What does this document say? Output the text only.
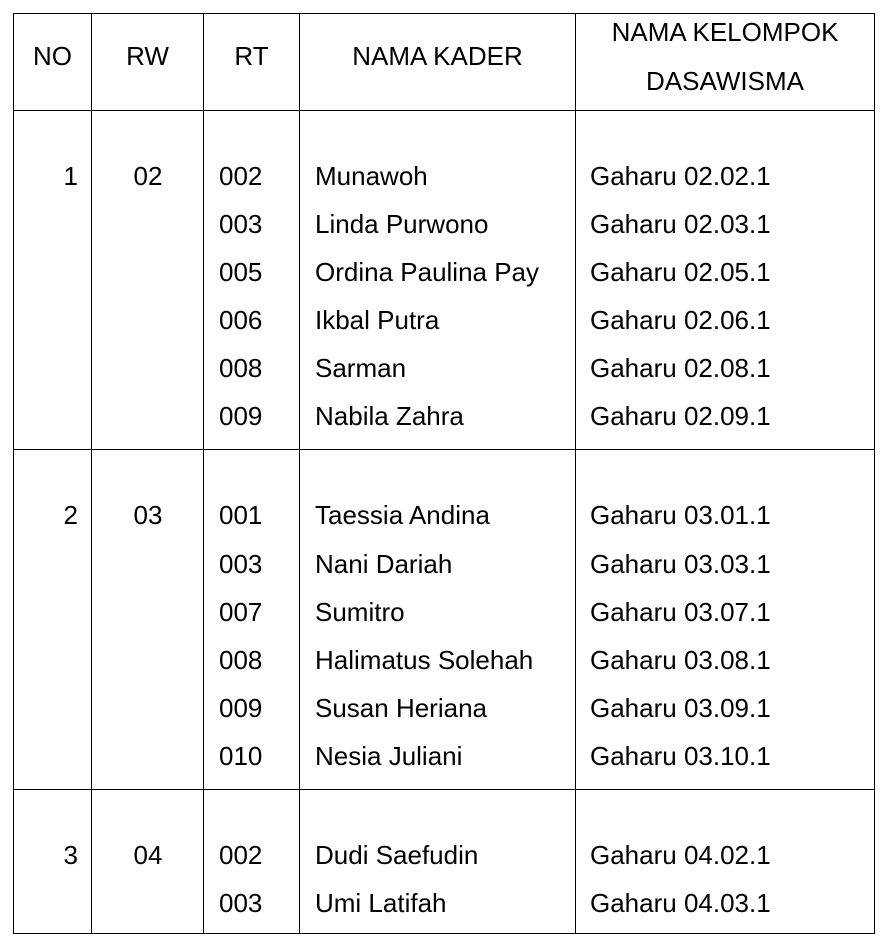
NO	RW	RT	NAMA KADER
NAMA KELOMPOK
DASAWISMA
1	02	002 Munawoh	Gaharu 02.02.1
003 Linda Purwono	Gaharu 02.03.1
005 Ordina Paulina Pay Gaharu 02.05.1
006 Ikbal Putra	Gaharu 02.06.1
008 Sarman	Gaharu 02.08.1
009 Nabila Zahra	Gaharu 02.09.1
2	03	001 Taessia Andina	Gaharu 03.01.1
003 Nani Dariah	Gaharu 03.03.1
007 Sumitro	Gaharu 03.07.1
008 Halimatus Solehah Gaharu 03.08.1
009 Susan Heriana	Gaharu 03.09.1
010 Nesia Juliani	Gaharu 03.10.1
3	04	002 Dudi Saefudin	Gaharu 04.02.1
003 Umi Latifah	Gaharu 04.03.1
